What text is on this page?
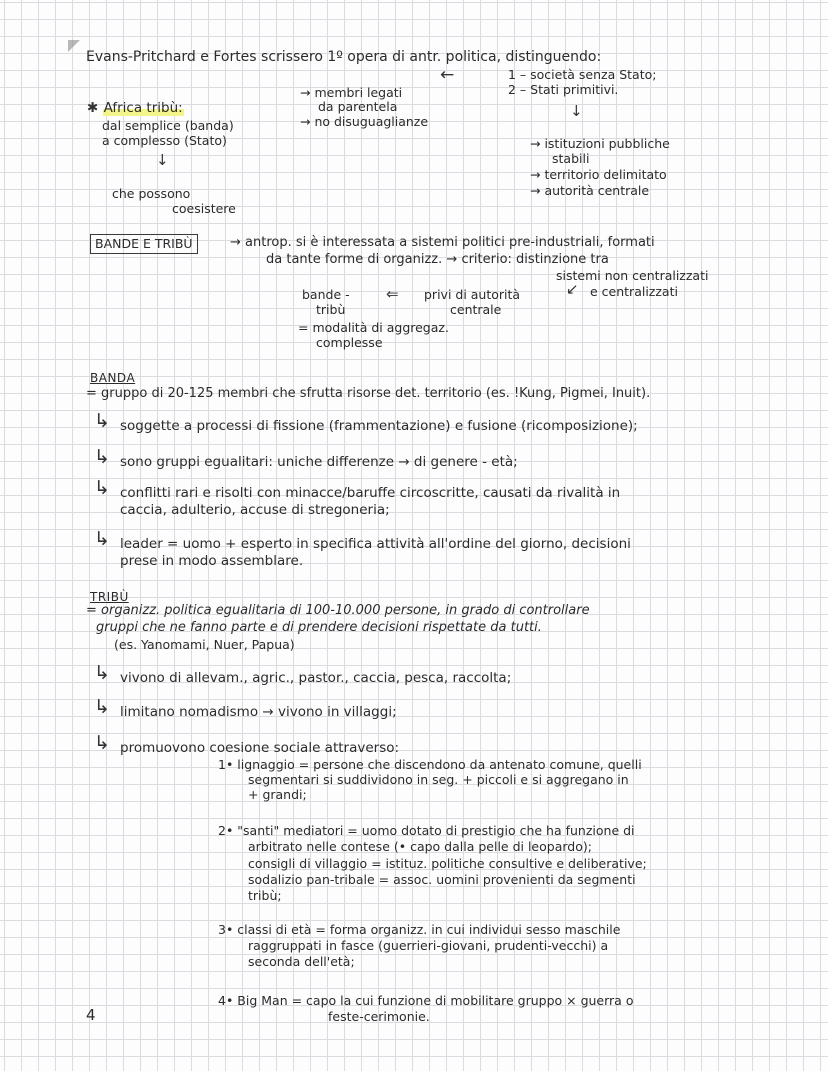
Evans-Pritchard e Fortes scrissero 1º opera di antr. politica, distinguendo:
←	1 – società senza Stato;
2 – Stati primitivi.
→ membri legati
da parentela
→ no disuguaglianze
✱ Africa tribù:
dal semplice (banda)
a complesso (Stato)
↓
che possono
coesistere
↓
→ istituzioni pubbliche
stabili
→ territorio delimitato
→ autorità centrale
BANDE E TRIBÙ	→ antrop. si è interessata a sistemi politici pre-industriali, formati
da tante forme di organizz. → criterio: distinzione tra
sistemi non centralizzati
↙ e centralizzati
bande -
tribù
⇐ privi di autorità
centrale
= modalità di aggregaz.
complesse
BANDA
= gruppo di 20-125 membri che sfrutta risorse det. territorio (es. !Kung, Pigmei, Inuit).
↳ soggette a processi di fissione (frammentazione) e fusione (ricomposizione);
↳ sono gruppi egualitari: uniche differenze → di genere - età;
↳ conflitti rari e risolti con minacce/baruffe circoscritte, causati da rivalità in
caccia, adulterio, accuse di stregoneria;
↳ leader = uomo + esperto in specifica attività all'ordine del giorno, decisioni
prese in modo assemblare.
TRIBÙ
= organizz. politica egualitaria di 100-10.000 persone, in grado di controllare
gruppi che ne fanno parte e di prendere decisioni rispettate da tutti.
(es. Yanomami, Nuer, Papua)
↳ vivono di allevam., agric., pastor., caccia, pesca, raccolta;
↳ limitano nomadismo → vivono in villaggi;
↳ promuovono coesione sociale attraverso:
1• lignaggio = persone che discendono da antenato comune, quelli
segmentari si suddividono in seg. + piccoli e si aggregano in
+ grandi;
2• "santi" mediatori = uomo dotato di prestigio che ha funzione di
arbitrato nelle contese (• capo dalla pelle di leopardo);
consigli di villaggio = istituz. politiche consultive e deliberative;
sodalizio pan-tribale = assoc. uomini provenienti da segmenti
tribù;
3• classi di età = forma organizz. in cui individui sesso maschile
raggruppati in fasce (guerrieri-giovani, prudenti-vecchi) a
seconda dell'età;
4• Big Man = capo la cui funzione di mobilitare gruppo × guerra o
feste-cerimonie.
4
